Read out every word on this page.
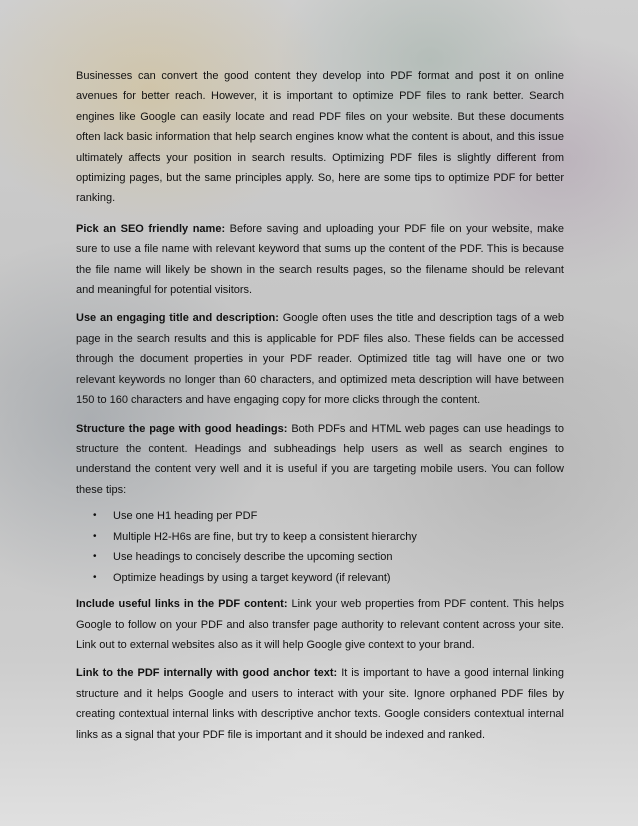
Businesses can convert the good content they develop into PDF format and post it on online avenues for better reach. However, it is important to optimize PDF files to rank better. Search engines like Google can easily locate and read PDF files on your website. But these documents often lack basic information that help search engines know what the content is about, and this issue ultimately affects your position in search results. Optimizing PDF files is slightly different from optimizing pages, but the same principles apply. So, here are some tips to optimize PDF for better ranking.

Pick an SEO friendly name: Before saving and uploading your PDF file on your website, make sure to use a file name with relevant keyword that sums up the content of the PDF. This is because the file name will likely be shown in the search results pages, so the filename should be relevant and meaningful for potential visitors.

Use an engaging title and description: Google often uses the title and description tags of a web page in the search results and this is applicable for PDF files also. These fields can be accessed through the document properties in your PDF reader. Optimized title tag will have one or two relevant keywords no longer than 60 characters, and optimized meta description will have between 150 to 160 characters and have engaging copy for more clicks through the content.

Structure the page with good headings: Both PDFs and HTML web pages can use headings to structure the content. Headings and subheadings help users as well as search engines to understand the content very well and it is useful if you are targeting mobile users. You can follow these tips:

• Use one H1 heading per PDF
• Multiple H2-H6s are fine, but try to keep a consistent hierarchy
• Use headings to concisely describe the upcoming section
• Optimize headings by using a target keyword (if relevant)

Include useful links in the PDF content: Link your web properties from PDF content. This helps Google to follow on your PDF and also transfer page authority to relevant content across your site. Link out to external websites also as it will help Google give context to your brand.

Link to the PDF internally with good anchor text: It is important to have a good internal linking structure and it helps Google and users to interact with your site. Ignore orphaned PDF files by creating contextual internal links with descriptive anchor texts. Google considers contextual internal links as a signal that your PDF file is important and it should be indexed and ranked.
